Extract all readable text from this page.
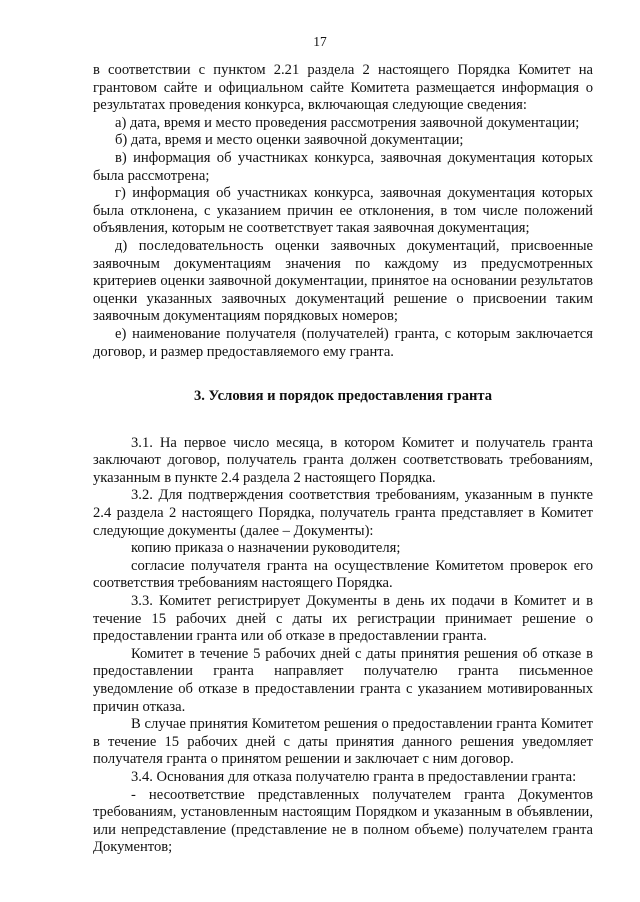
17

в соответствии с пунктом 2.21 раздела 2 настоящего Порядка Комитет на грантовом сайте и официальном сайте Комитета размещается информация о результатах проведения конкурса, включающая следующие сведения:

а) дата, время и место проведения рассмотрения заявочной документации;

б) дата, время и место оценки заявочной документации;

в) информация об участниках конкурса, заявочная документация которых была рассмотрена;

г) информация об участниках конкурса, заявочная документация которых была отклонена, с указанием причин ее отклонения, в том числе положений объявления, которым не соответствует такая заявочная документация;

д) последовательность оценки заявочных документаций, присвоенные заявочным документациям значения по каждому из предусмотренных критериев оценки заявочной документации, принятое на основании результатов оценки указанных заявочных документаций решение о присвоении таким заявочным документациям порядковых номеров;

е) наименование получателя (получателей) гранта, с которым заключается договор, и размер предоставляемого ему гранта.

3. Условия и порядок предоставления гранта

3.1. На первое число месяца, в котором Комитет и получатель гранта заключают договор, получатель гранта должен соответствовать требованиям, указанным в пункте 2.4 раздела 2 настоящего Порядка.

3.2. Для подтверждения соответствия требованиям, указанным в пункте 2.4 раздела 2 настоящего Порядка, получатель гранта представляет в Комитет следующие документы (далее – Документы):

копию приказа о назначении руководителя;

согласие получателя гранта на осуществление Комитетом проверок его соответствия требованиям настоящего Порядка.

3.3. Комитет регистрирует Документы в день их подачи в Комитет и в течение 15 рабочих дней с даты их регистрации принимает решение о предоставлении гранта или об отказе в предоставлении гранта.

Комитет в течение 5 рабочих дней с даты принятия решения об отказе в предоставлении гранта направляет получателю гранта письменное уведомление об отказе в предоставлении гранта с указанием мотивированных причин отказа.

В случае принятия Комитетом решения о предоставлении гранта Комитет в течение 15 рабочих дней с даты принятия данного решения уведомляет получателя гранта о принятом решении и заключает с ним договор.

3.4. Основания для отказа получателю гранта в предоставлении гранта:

- несоответствие представленных получателем гранта Документов требованиям, установленным настоящим Порядком и указанным в объявлении, или непредставление (представление не в полном объеме) получателем гранта Документов;
